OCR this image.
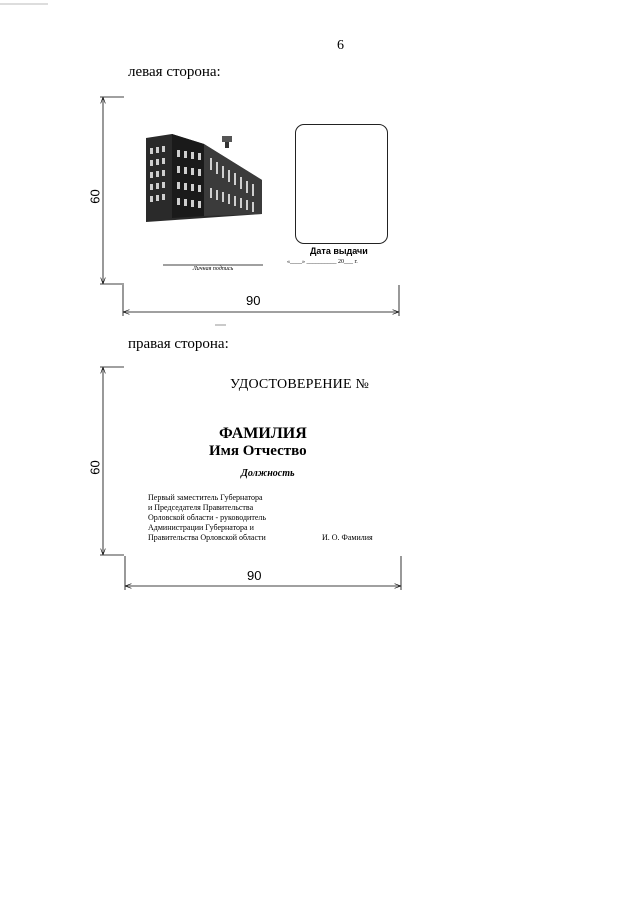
6
левая сторона:
60
90
Личная подпись
Дата выдачи
«____» __________ 20___ г.
правая сторона:
60
90
УДОСТОВЕРЕНИЕ №
ФАМИЛИЯ
Имя Отчество
Должность
Первый заместитель Губернатора
и Председателя Правительства
Орловской области - руководитель
Администрации Губернатора и
Правительства Орловской области	И. О. Фамилия
